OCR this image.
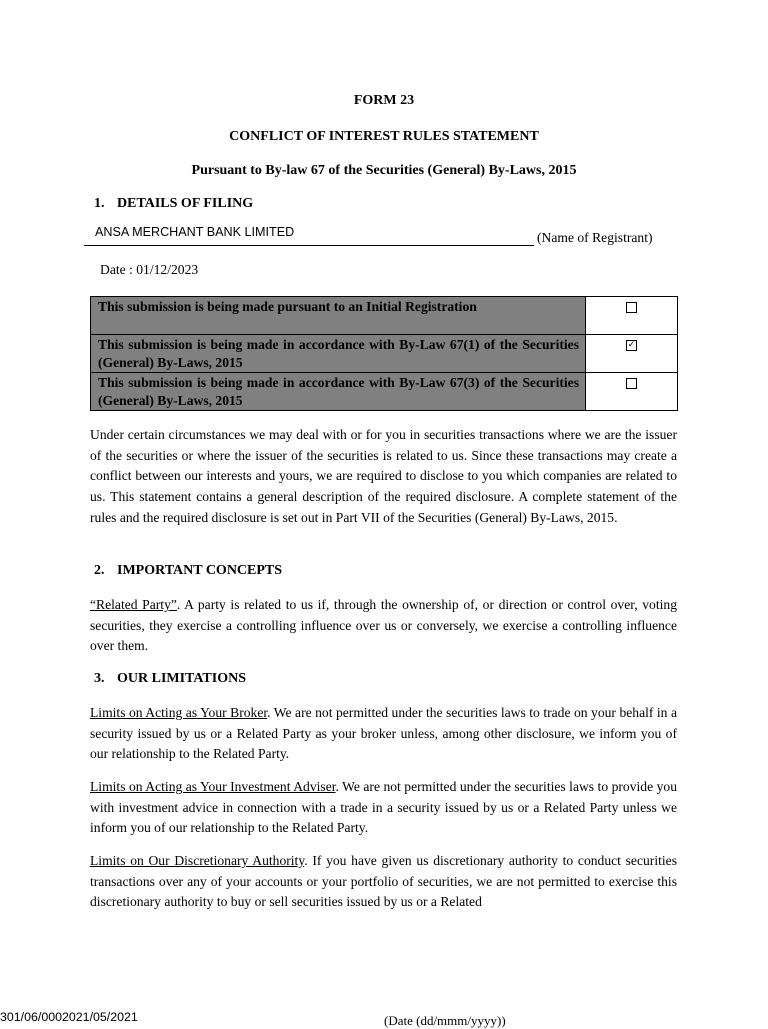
FORM 23
CONFLICT OF INTEREST RULES STATEMENT
Pursuant to By-law 67 of the Securities (General) By-Laws, 2015
1. DETAILS OF FILING
ANSA MERCHANT BANK LIMITED	(Name of Registrant)
Date : 01/12/2023
This submission is being made pursuant to an Initial Registration	
This submission is being made in accordance with By-Law 67(1) of the Securities (General) By-Laws, 2015	✓
This submission is being made in accordance with By-Law 67(3) of the Securities (General) By-Laws, 2015	
Under certain circumstances we may deal with or for you in securities transactions where we are the issuer of the securities or where the issuer of the securities is related to us. Since these transactions may create a conflict between our interests and yours, we are required to disclose to you which companies are related to us. This statement contains a general description of the required disclosure. A complete statement of the rules and the required disclosure is set out in Part VII of the Securities (General) By-Laws, 2015.
2. IMPORTANT CONCEPTS
“Related Party”. A party is related to us if, through the ownership of, or direction or control over, voting securities, they exercise a controlling influence over us or conversely, we exercise a controlling influence over them.
3. OUR LIMITATIONS
Limits on Acting as Your Broker. We are not permitted under the securities laws to trade on your behalf in a security issued by us or a Related Party as your broker unless, among other disclosure, we inform you of our relationship to the Related Party.
Limits on Acting as Your Investment Adviser. We are not permitted under the securities laws to provide you with investment advice in connection with a trade in a security issued by us or a Related Party unless we inform you of our relationship to the Related Party.
Limits on Our Discretionary Authority. If you have given us discretionary authority to conduct securities transactions over any of your accounts or your portfolio of securities, we are not permitted to exercise this discretionary authority to buy or sell securities issued by us or a Related
301/06/0002021/05/2021	(Date (dd/mmm/yyyy))
